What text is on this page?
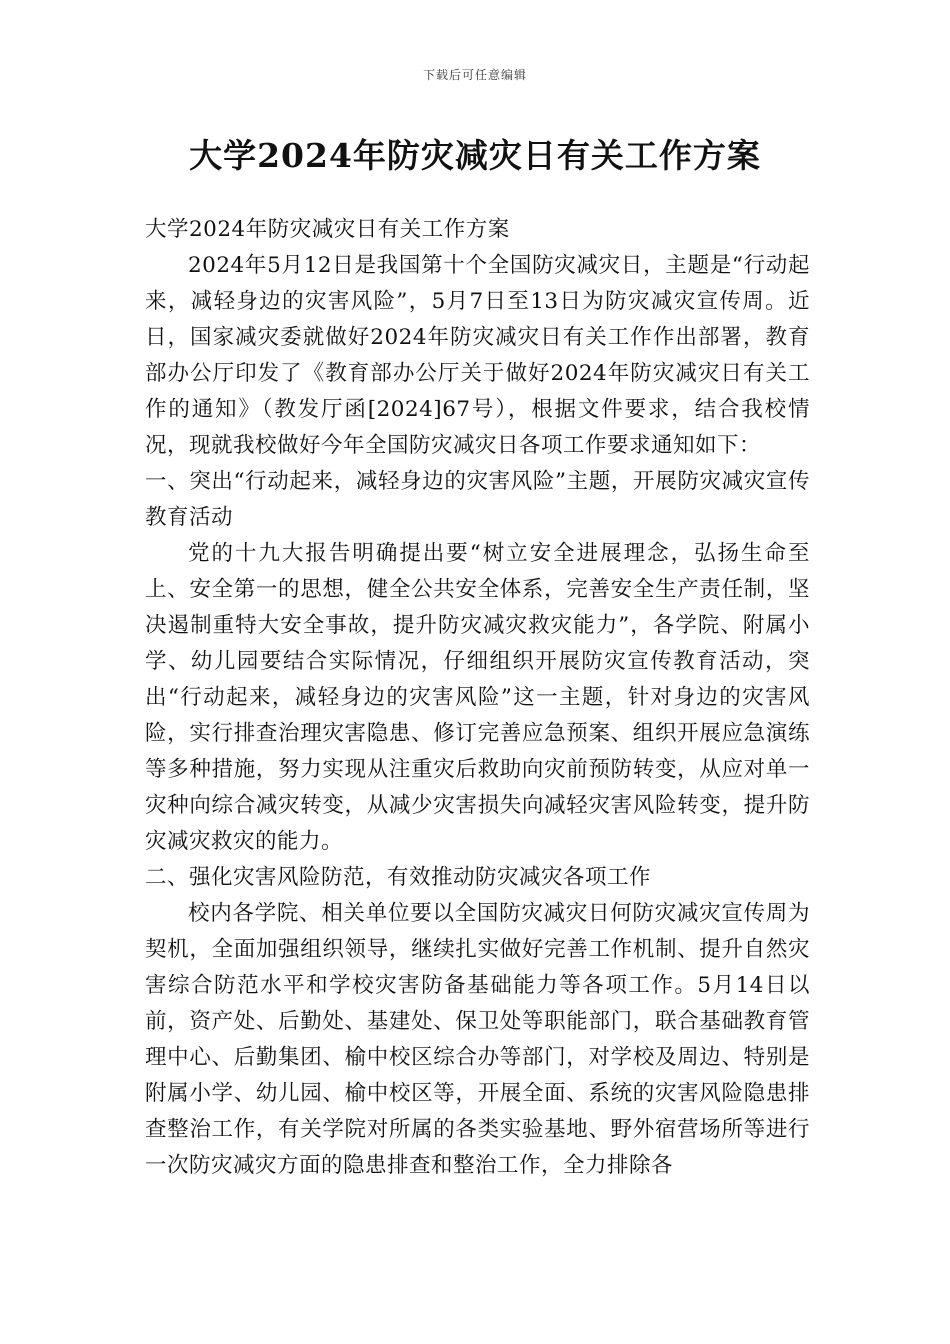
下载后可任意编辑
大学2024年防灾减灾日有关工作方案

大学2024年防灾减灾日有关工作方案

2024年5月12日是我国第十个全国防灾减灾日，主题是“行动起来，减轻身边的灾害风险”，5月7日至13日为防灾减灾宣传周。近日，国家减灾委就做好2024年防灾减灾日有关工作作出部署，教育部办公厅印发了《教育部办公厅关于做好2024年防灾减灾日有关工作的通知》（教发厅函[2024]67号），根据文件要求，结合我校情况，现就我校做好今年全国防灾减灾日各项工作要求通知如下：

一、突出“行动起来，减轻身边的灾害风险”主题，开展防灾减灾宣传教育活动

党的十九大报告明确提出要“树立安全进展理念，弘扬生命至上、安全第一的思想，健全公共安全体系，完善安全生产责任制，坚决遏制重特大安全事故，提升防灾减灾救灾能力”，各学院、附属小学、幼儿园要结合实际情况，仔细组织开展防灾宣传教育活动，突出“行动起来，减轻身边的灾害风险”这一主题，针对身边的灾害风险，实行排查治理灾害隐患、修订完善应急预案、组织开展应急演练等多种措施，努力实现从注重灾后救助向灾前预防转变，从应对单一灾种向综合减灾转变，从减少灾害损失向减轻灾害风险转变，提升防灾减灾救灾的能力。

二、强化灾害风险防范，有效推动防灾减灾各项工作

校内各学院、相关单位要以全国防灾减灾日何防灾减灾宣传周为契机，全面加强组织领导，继续扎实做好完善工作机制、提升自然灾害综合防范水平和学校灾害防备基础能力等各项工作。5月14日以前，资产处、后勤处、基建处、保卫处等职能部门，联合基础教育管理中心、后勤集团、榆中校区综合办等部门，对学校及周边、特别是附属小学、幼儿园、榆中校区等，开展全面、系统的灾害风险隐患排查整治工作，有关学院对所属的各类实验基地、野外宿营场所等进行一次防灾减灾方面的隐患排查和整治工作，全力排除各
